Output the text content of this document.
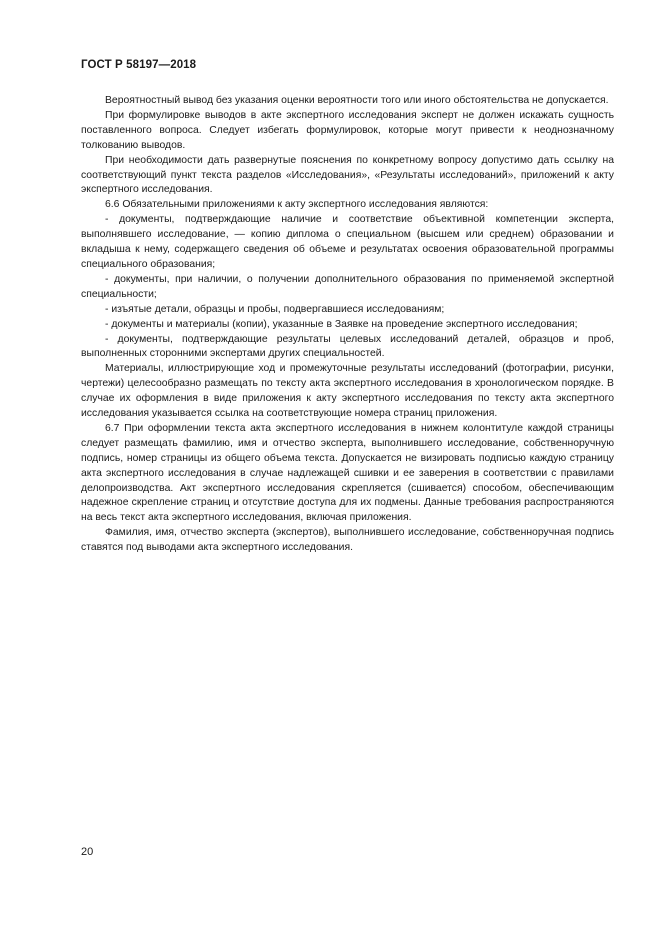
ГОСТ Р 58197—2018

Вероятностный вывод без указания оценки вероятности того или иного обстоятельства не допускается.

При формулировке выводов в акте экспертного исследования эксперт не должен искажать сущность поставленного вопроса. Следует избегать формулировок, которые могут привести к неоднозначному толкованию выводов.

При необходимости дать развернутые пояснения по конкретному вопросу допустимо дать ссылку на соответствующий пункт текста разделов «Исследования», «Результаты исследований», приложений к акту экспертного исследования.

6.6 Обязательными приложениями к акту экспертного исследования являются:

- документы, подтверждающие наличие и соответствие объективной компетенции эксперта, выполнявшего исследование, — копию диплома о специальном (высшем или среднем) образовании и вкладыша к нему, содержащего сведения об объеме и результатах освоения образовательной программы специального образования;

- документы, при наличии, о получении дополнительного образования по применяемой экспертной специальности;

- изъятые детали, образцы и пробы, подвергавшиеся исследованиям;

- документы и материалы (копии), указанные в Заявке на проведение экспертного исследования;

- документы, подтверждающие результаты целевых исследований деталей, образцов и проб, выполненных сторонними экспертами других специальностей.

Материалы, иллюстрирующие ход и промежуточные результаты исследований (фотографии, рисунки, чертежи) целесообразно размещать по тексту акта экспертного исследования в хронологическом порядке. В случае их оформления в виде приложения к акту экспертного исследования по тексту акта экспертного исследования указывается ссылка на соответствующие номера страниц приложения.

6.7 При оформлении текста акта экспертного исследования в нижнем колонтитуле каждой страницы следует размещать фамилию, имя и отчество эксперта, выполнившего исследование, собственноручную подпись, номер страницы из общего объема текста. Допускается не визировать подписью каждую страницу акта экспертного исследования в случае надлежащей сшивки и ее заверения в соответствии с правилами делопроизводства. Акт экспертного исследования скрепляется (сшивается) способом, обеспечивающим надежное скрепление страниц и отсутствие доступа для их подмены. Данные требования распространяются на весь текст акта экспертного исследования, включая приложения.

Фамилия, имя, отчество эксперта (экспертов), выполнившего исследование, собственноручная подпись ставятся под выводами акта экспертного исследования.

20
